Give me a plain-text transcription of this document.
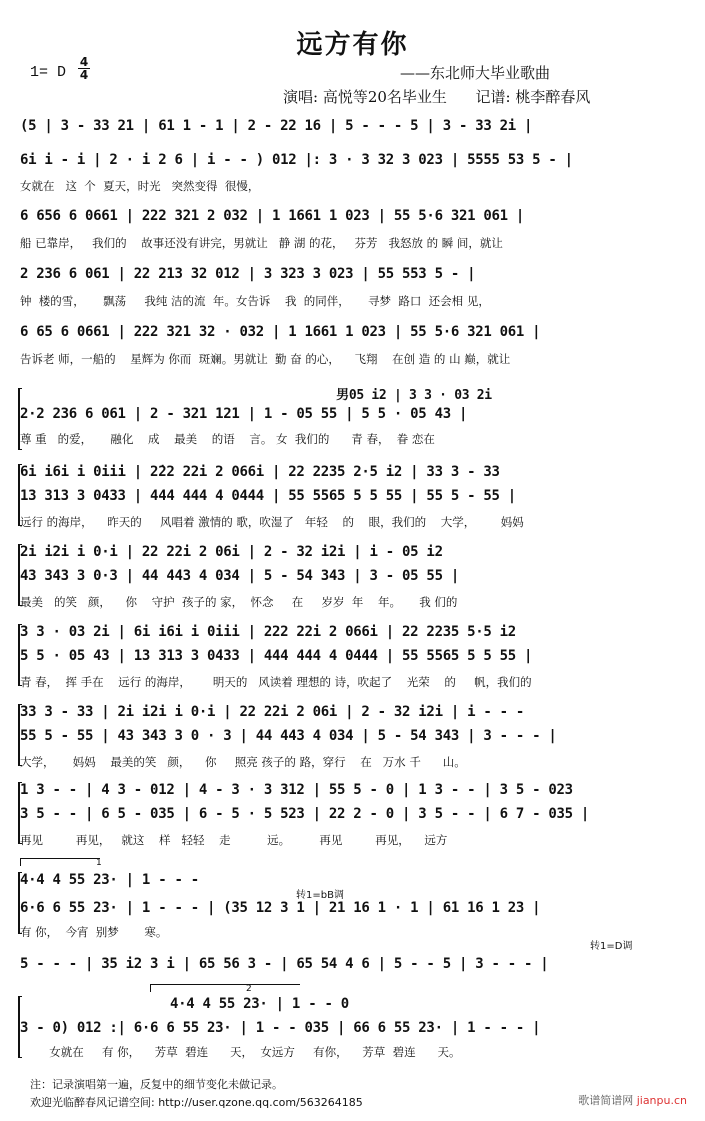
远方有你
1= D
4
4	——东北师大毕业歌曲
演唱: 高悦等20名毕业生      记谱: 桃李醉春风
(5 | 3 - 33 21 | 61 1 - 1 | 2 - 22 16 | 5 - - - 5 | 3 - 33 2i |
6i i - i | 2 · i 2 6 | i - - ) 012 |: 3 · 3 32 3 023 | 5555 53 5 - |
女就在   这  个  夏天，时光   突然变得  很慢，
6 656 6 0661 | 222 321 2 032 | 1 1661 1 023 | 55 5·6 321 061 |
船 已靠岸，   我们的    故事还没有讲完，男就让   静 湖 的花，   芬芳   我怒放 的 瞬 间，就让
2 236 6 061 | 22 213 32 012 | 3 323 3 023 | 55 553 5 - |
钟  楼的雪，     飘荡     我纯 洁的流  年。女告诉    我  的同伴，     寻梦  路口  还会相 见，
6 65 6 0661 | 222 321 32 · 032 | 1 1661 1 023 | 55 5·6 321 061 |
告诉老 师，一船的    星辉为 你而  斑斓。男就让  勤 奋 的心，    飞翔    在创 造 的 山 巅，就让
男05 i2 | 3 3 · 03 2i
2·2 236 6 061 | 2 - 321 121 | 1 - 05 55 | 5 5 · 05 43 |
尊 重   的爱，     融化    成    最美    的语    言。 女  我们的      青 春，  眷 恋在
6i i6i i 0iii | 2̇22 22i 2 066i | 22 2235 2·5 i2 | 33 3 - 33
13 313 3 0433 | 444 444 4 0444 | 55 5565 5 5 55 | 55 5 - 55 |
远行 的海岸，    昨天的     风唱着 激情的 歌，吹湿了   年轻    的    眼，我们的    大学，       妈妈
2i i2i i 0·i | 22 22i 2 06i | 2 - 32 i2i | i - 05 i2
43 343 3 0·3 | 44 443 4 034 | 5 - 54 343 | 3 - 05 55 |
最美   的笑   颜，    你    守护  孩子的 家，  怀念     在     岁岁  年    年。     我 们的
3 3 · 03 2i | 6i i6i i 0iii | 222 22i 2 066i | 22 2235 5·5 i2
5 5 · 05 43 | 13 313 3 0433 | 444 444 4 0444 | 55 5565 5 5 55 |
青 春，  挥 手在    远行 的海岸，      明天的   风读着 理想的 诗，吹起了    光荣    的     帆，我们的
33 3 - 33 | 2i i2i i 0·i | 22 22i 2 06i | 2 - 32 i2i | i - - -
55 5 - 55 | 43 343 3 0 · 3 | 44 443 4 034 | 5 - 54 343 | 3 - - - |
大学，     妈妈    最美的笑   颜，    你     照亮 孩子的 路，穿行    在   万水 千      山。
1 3 - - | 4 3 - 012 | 4 - 3 · 3 312 | 55 5 - 0 | 1 3 - - | 3 5 - 023
3 5 - - | 6 5 - 035 | 6 - 5 · 5 523 | 22 2 - 0 | 3 5 - - | 6 7 - 035 |
再见         再见，   就这    样   轻轻    走          远。        再见         再见，    远方
1
转1=bB调
4·4 4 55 23· | 1 - - -
6·6 6 55 23· | 1 - - - | (35 12 3 1 | 21 16 1 · 1 | 61 16 1 23 |
有 你，  今宵  别梦       寒。
转1=D调
5 - - - | 35 i2 3 i | 65 56 3 - | 65 54 4 6 | 5 - - 5 | 3 - - - |
2
4·4 4 55 23· | 1 - - 0
3 - 0) 012 :| 6·6 6 55 23· | 1 - - 035 | 66 6 55 23· | 1 - - - |
女就在     有 你，    芳草  碧连      天，  女远方     有你，    芳草  碧连      天。
注：记录演唱第一遍，反复中的细节变化未做记录。
欢迎光临醉春风记谱空间: http://user.qzone.qq.com/563264185	歌谱简谱网 jianpu.cn
